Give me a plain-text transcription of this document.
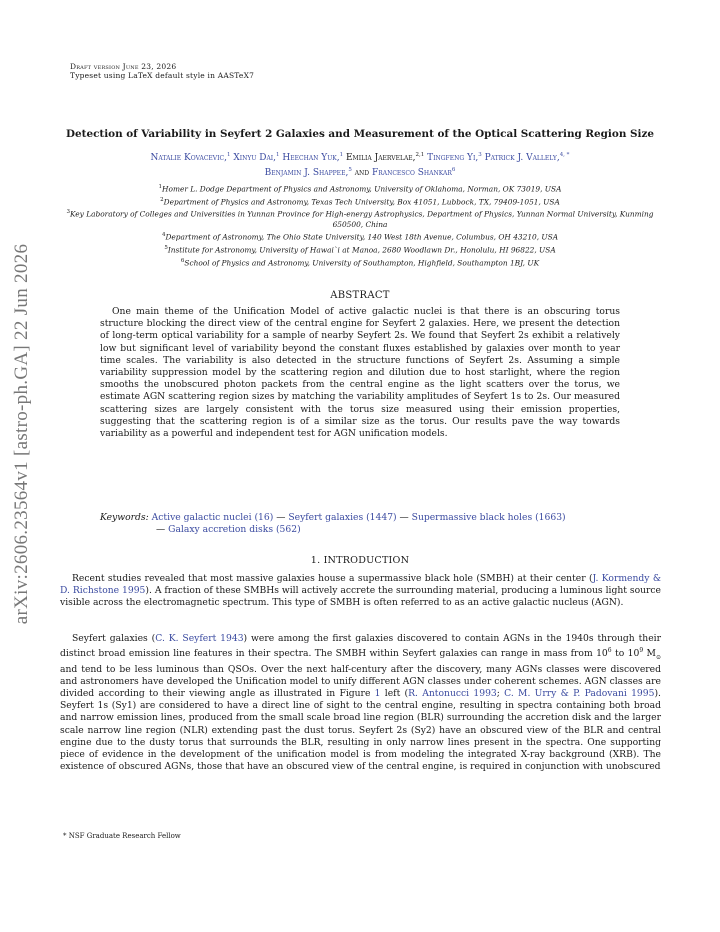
Draft version June 23, 2026
Typeset using LaTeX default style in AASTeX7
arXiv:2606.23564v1 [astro-ph.GA] 22 Jun 2026
Detection of Variability in Seyfert 2 Galaxies and Measurement of the Optical Scattering Region Size
Natalie Kovacevic,$^1$ Xinyu Dai,$^1$ Heechan Yuk,$^1$ Emilia Jaervelae,$^{2,1}$ Tingfeng Yi,$^3$ Patrick J. Vallely,$^{4, *}$
Benjamin J. Shappee,$^5$ and Francesco Shankar$^6$
$^1$Homer L. Dodge Department of Physics and Astronomy, University of Oklahoma, Norman, OK 73019, USA
$^2$Department of Physics and Astronomy, Texas Tech University, Box 41051, Lubbock, TX, 79409-1051, USA
$^3$Key Laboratory of Colleges and Universities in Yunnan Province for High-energy Astrophysics, Department of Physics, Yunnan Normal University, Kunming 650500, China
$^4$Department of Astronomy, The Ohio State University, 140 West 18th Avenue, Columbus, OH 43210, USA
$^5$Institute for Astronomy, University of Hawai`i at Manoa, 2680 Woodlawn Dr., Honolulu, HI 96822, USA
$^6$School of Physics and Astronomy, University of Southampton, Highfield, Southampton 1BJ, UK
ABSTRACT
One main theme of the Unification Model of active galactic nuclei is that there is an obscuring torus structure blocking the direct view of the central engine for Seyfert 2 galaxies. Here, we present the detection of long-term optical variability for a sample of nearby Seyfert 2s. We found that Seyfert 2s exhibit a relatively low but significant level of variability beyond the constant fluxes established by galaxies over month to year time scales. The variability is also detected in the structure functions of Seyfert 2s. Assuming a simple variability suppression model by the scattering region and dilution due to host starlight, where the region smooths the unobscured photon packets from the central engine as the light scatters over the torus, we estimate AGN scattering region sizes by matching the variability amplitudes of Seyfert 1s to 2s. Our measured scattering sizes are largely consistent with the torus size measured using their emission properties, suggesting that the scattering region is of a similar size as the torus. Our results pave the way towards variability as a powerful and independent test for AGN unification models.
Keywords: Active galactic nuclei (16) — Seyfert galaxies (1447) — Supermassive black holes (1663)
— Galaxy accretion disks (562)
1. INTRODUCTION
Recent studies revealed that most massive galaxies house a supermassive black hole (SMBH) at their center (J. Kormendy & D. Richstone 1995). A fraction of these SMBHs will actively accrete the surrounding material, producing a luminous light source visible across the electromagnetic spectrum. This type of SMBH is often referred to as an active galactic nucleus (AGN).
Seyfert galaxies (C. K. Seyfert 1943) were among the first galaxies discovered to contain AGNs in the 1940s through their distinct broad emission line features in their spectra. The SMBH within Seyfert galaxies can range in mass from $10^6$ to $10^9$ $M_⊙$ and tend to be less luminous than QSOs. Over the next half-century after the discovery, many AGNs classes were discovered and astronomers have developed the Unification model to unify different AGN classes under coherent schemes. AGN classes are divided according to their viewing angle as illustrated in Figure 1 left (R. Antonucci 1993; C. M. Urry & P. Padovani 1995). Seyfert 1s (Sy1) are considered to have a direct line of sight to the central engine, resulting in spectra containing both broad and narrow emission lines, produced from the small scale broad line region (BLR) surrounding the accretion disk and the larger scale narrow line region (NLR) extending past the dust torus. Seyfert 2s (Sy2) have an obscured view of the BLR and central engine due to the dusty torus that surrounds the BLR, resulting in only narrow lines present in the spectra. One supporting piece of evidence in the development of the unification model is from modeling the integrated X-ray background (XRB). The existence of obscured AGNs, those that have an obscured view of the central engine, is required in conjunction with unobscured
* NSF Graduate Research Fellow
